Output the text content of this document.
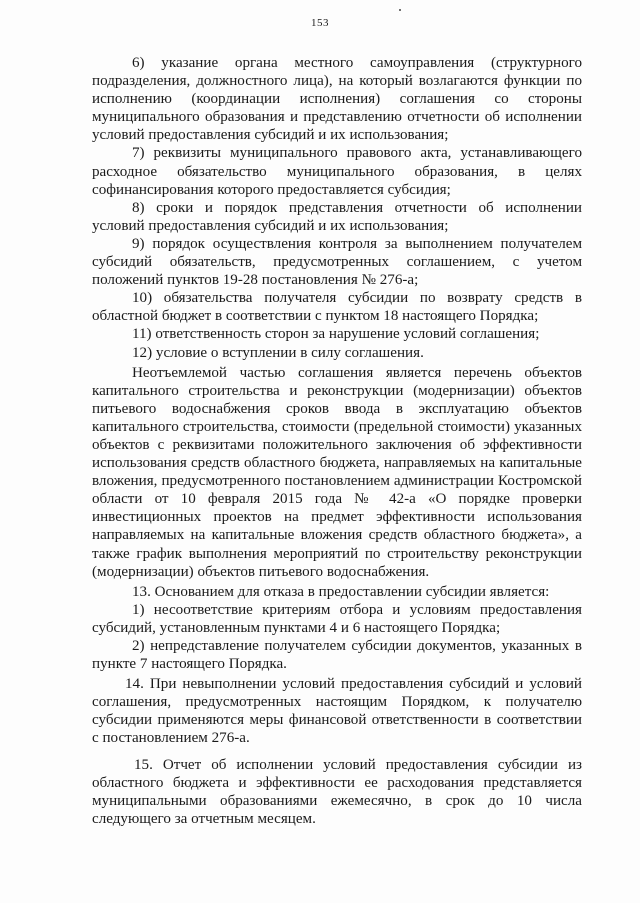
153

6) указание органа местного самоуправления (структурного подразделения, должностного лица), на который возлагаются функции по исполнению (координации исполнения) соглашения со стороны муниципального образования и представлению отчетности об исполнении условий предоставления субсидий и их использования;

7) реквизиты муниципального правового акта, устанавливающего расходное обязательство муниципального образования, в целях софинансирования которого предоставляется субсидия;

8) сроки и порядок представления отчетности об исполнении условий предоставления субсидий и их использования;

9) порядок осуществления контроля за выполнением получателем субсидий обязательств, предусмотренных соглашением, с учетом положений пунктов 19-28 постановления № 276-а;

10) обязательства получателя субсидии по возврату средств в областной бюджет в соответствии с пунктом 18 настоящего Порядка;

11) ответственность сторон за нарушение условий соглашения;

12) условие о вступлении в силу соглашения.

Неотъемлемой частью соглашения является перечень объектов капитального строительства и реконструкции (модернизации) объектов питьевого водоснабжения сроков ввода в эксплуатацию объектов капитального строительства, стоимости (предельной стоимости) указанных объектов с реквизитами положительного заключения об эффективности использования средств областного бюджета, направляемых на капитальные вложения, предусмотренного постановлением администрации Костромской области от 10 февраля 2015 года № 42-а «О порядке проверки инвестиционных проектов на предмет эффективности использования направляемых на капитальные вложения средств областного бюджета», а также график выполнения мероприятий по строительству реконструкции (модернизации) объектов питьевого водоснабжения.

13. Основанием для отказа в предоставлении субсидии является:

1) несоответствие критериям отбора и условиям предоставления субсидий, установленным пунктами 4 и 6 настоящего Порядка;

2) непредставление получателем субсидии документов, указанных в пункте 7 настоящего Порядка.

14. При невыполнении условий предоставления субсидий и условий соглашения, предусмотренных настоящим Порядком, к получателю субсидии применяются меры финансовой ответственности в соответствии с постановлением 276-а.

15. Отчет об исполнении условий предоставления субсидии из областного бюджета и эффективности ее расходования представляется муниципальными образованиями ежемесячно, в срок до 10 числа следующего за отчетным месяцем.
